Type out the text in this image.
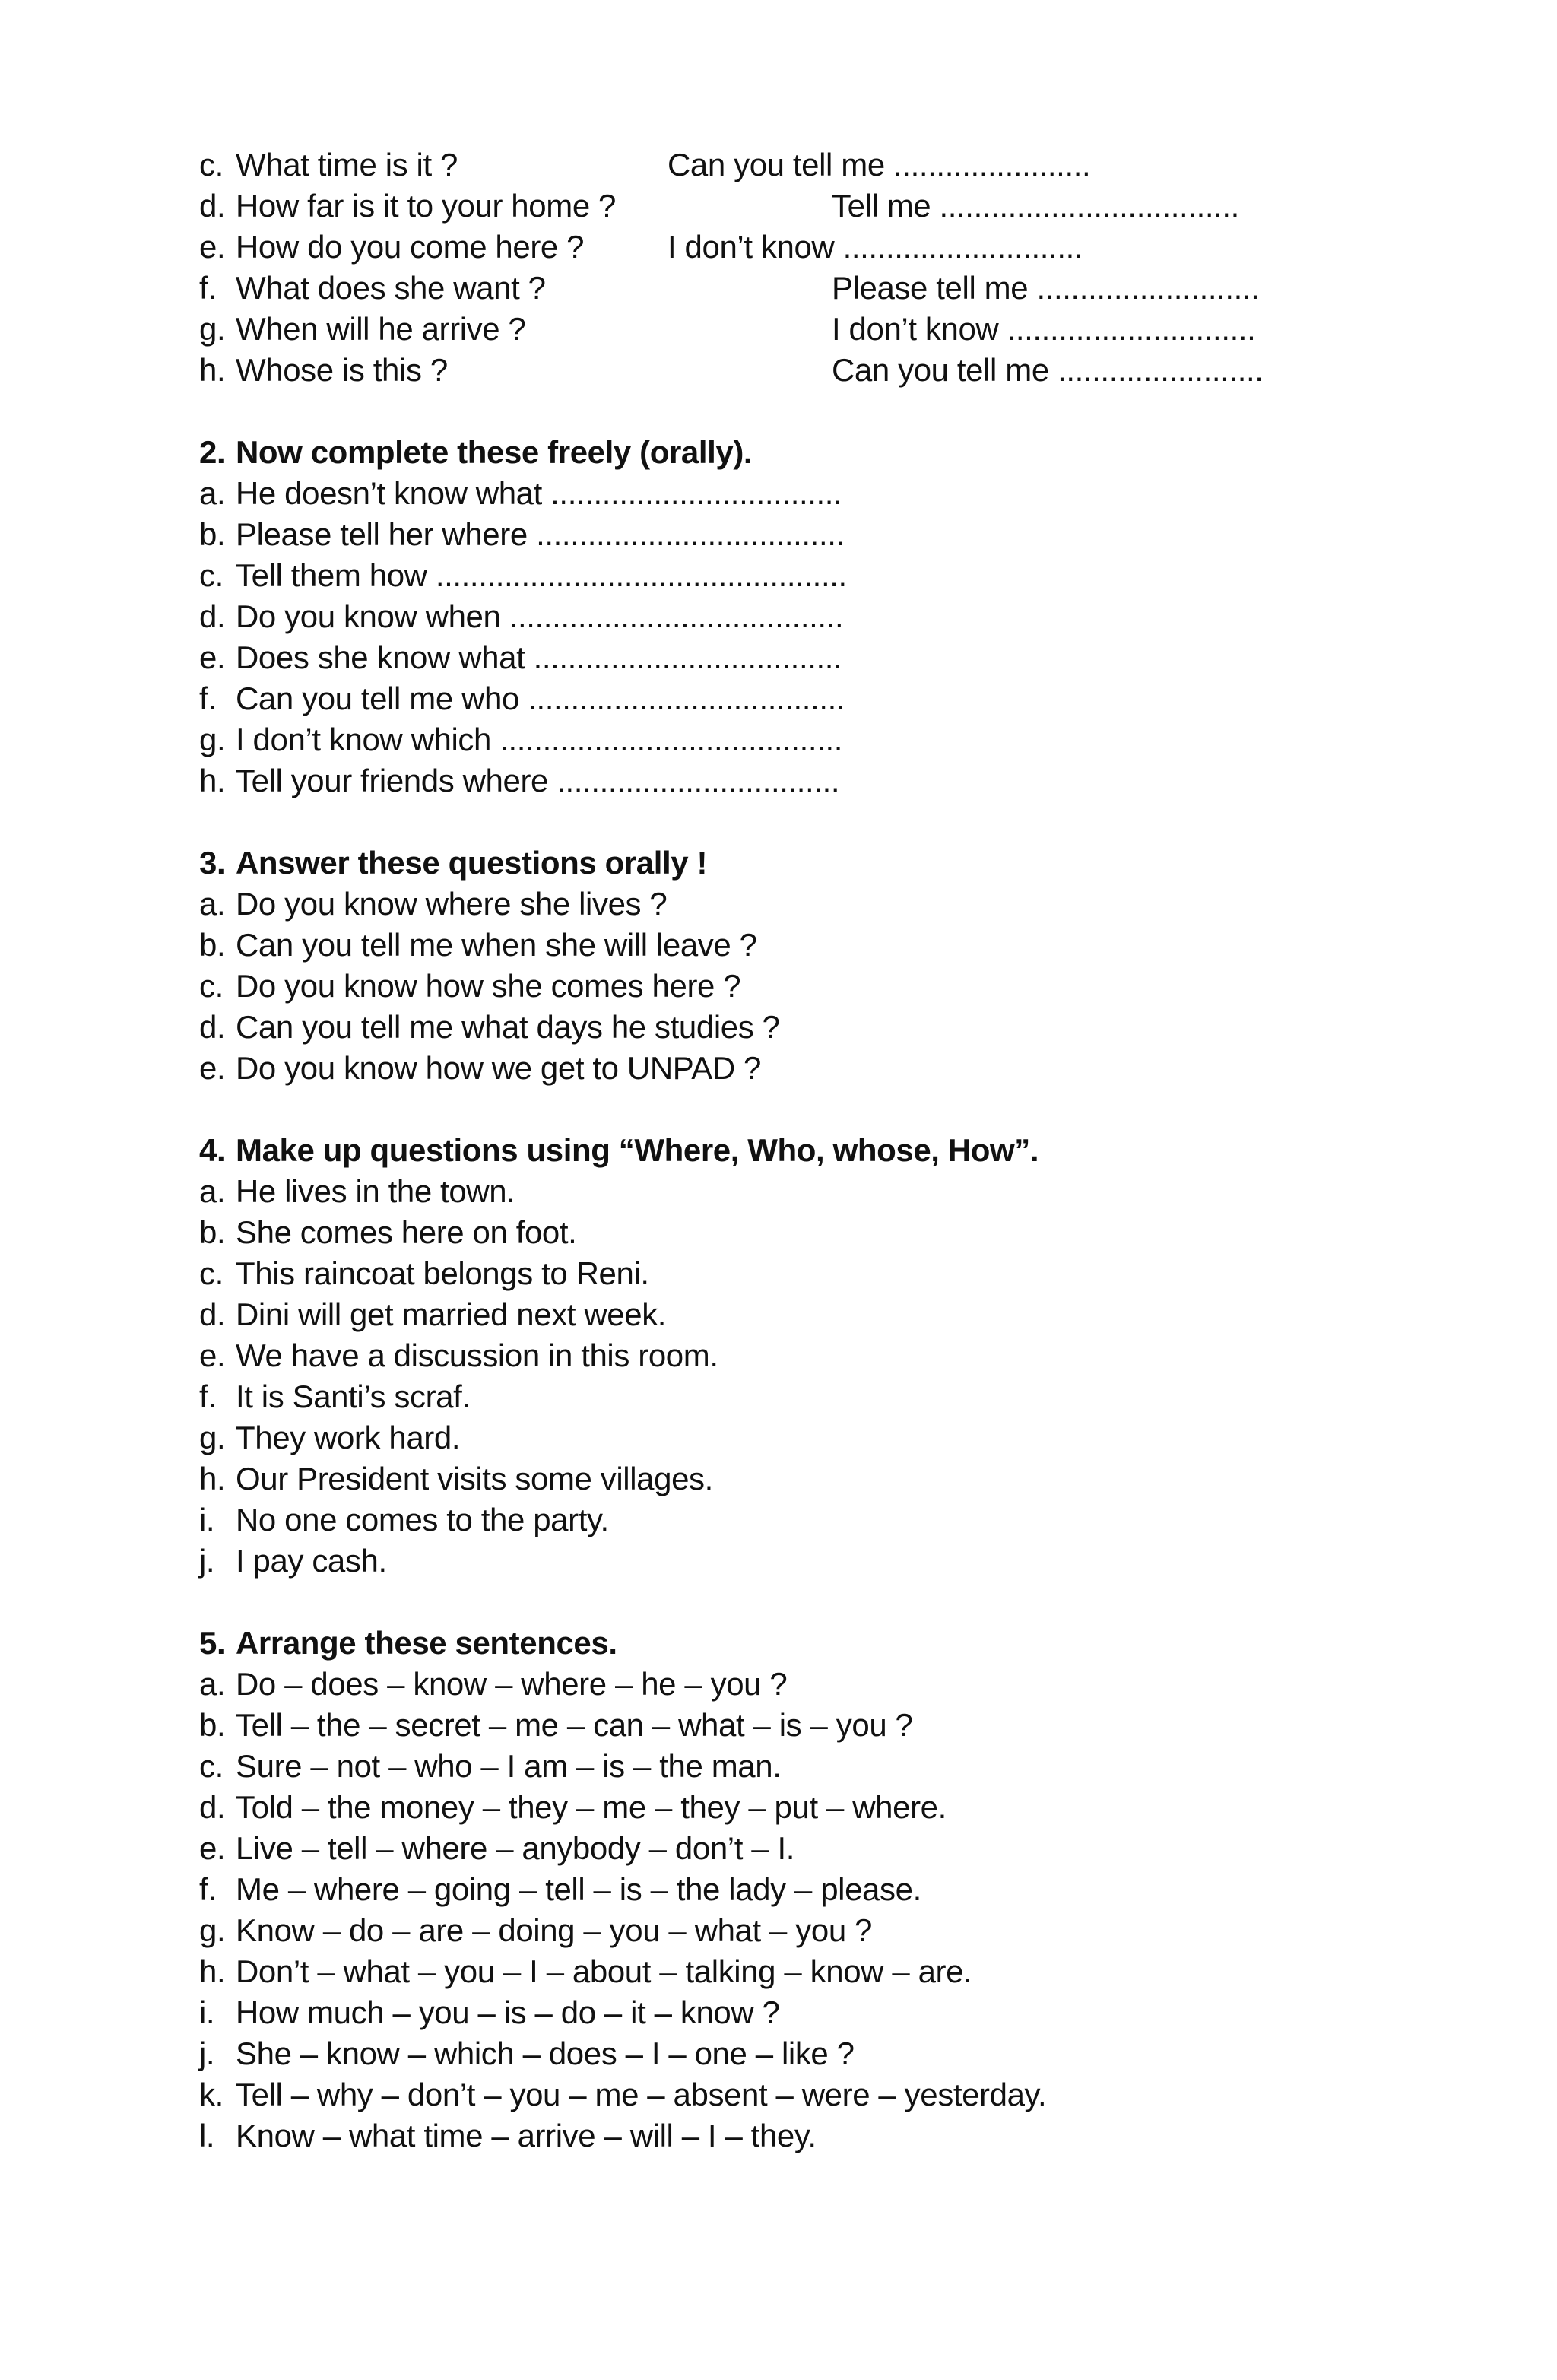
c. What time is it ?	Can you tell me .......................
d. How far is it to your home ?	Tell me ...................................
e. How do you come here ?	I don’t know ............................
f. What does she want ?	Please tell me ..........................
g. When will he arrive ?	I don’t know .............................
h. Whose is this ?	Can you tell me ........................
2. Now complete these freely (orally).
a. He doesn’t know what ..................................
b. Please tell her where ....................................
c. Tell them how ................................................
d. Do you know when .......................................
e. Does she know what ....................................
f. Can you tell me who .....................................
g. I don’t know which ........................................
h. Tell your friends where .................................
3. Answer these questions orally !
a. Do you know where she lives ?
b. Can you tell me when she will leave ?
c. Do you know how she comes here ?
d. Can you tell me what days he studies ?
e. Do you know how we get to UNPAD ?
4. Make up questions using “Where, Who, whose, How”.
a. He lives in the town.
b. She comes here on foot.
c. This raincoat belongs to Reni.
d. Dini will get married next week.
e. We have a discussion in this room.
f. It is Santi’s scraf.
g. They work hard.
h. Our President visits some villages.
i. No one comes to the party.
j. I pay cash.
5. Arrange these sentences.
a. Do – does – know – where – he – you ?
b. Tell – the – secret – me – can – what – is – you ?
c. Sure – not – who – I am – is – the man.
d. Told – the money – they – me – they – put – where.
e. Live – tell – where – anybody – don’t – I.
f. Me – where – going – tell – is – the lady – please.
g. Know – do – are – doing – you – what – you ?
h. Don’t – what – you – I – about – talking – know – are.
i. How much – you – is – do – it – know ?
j. She – know – which – does – I – one – like ?
k. Tell – why – don’t – you – me – absent – were – yesterday.
l. Know – what time – arrive – will – I – they.
